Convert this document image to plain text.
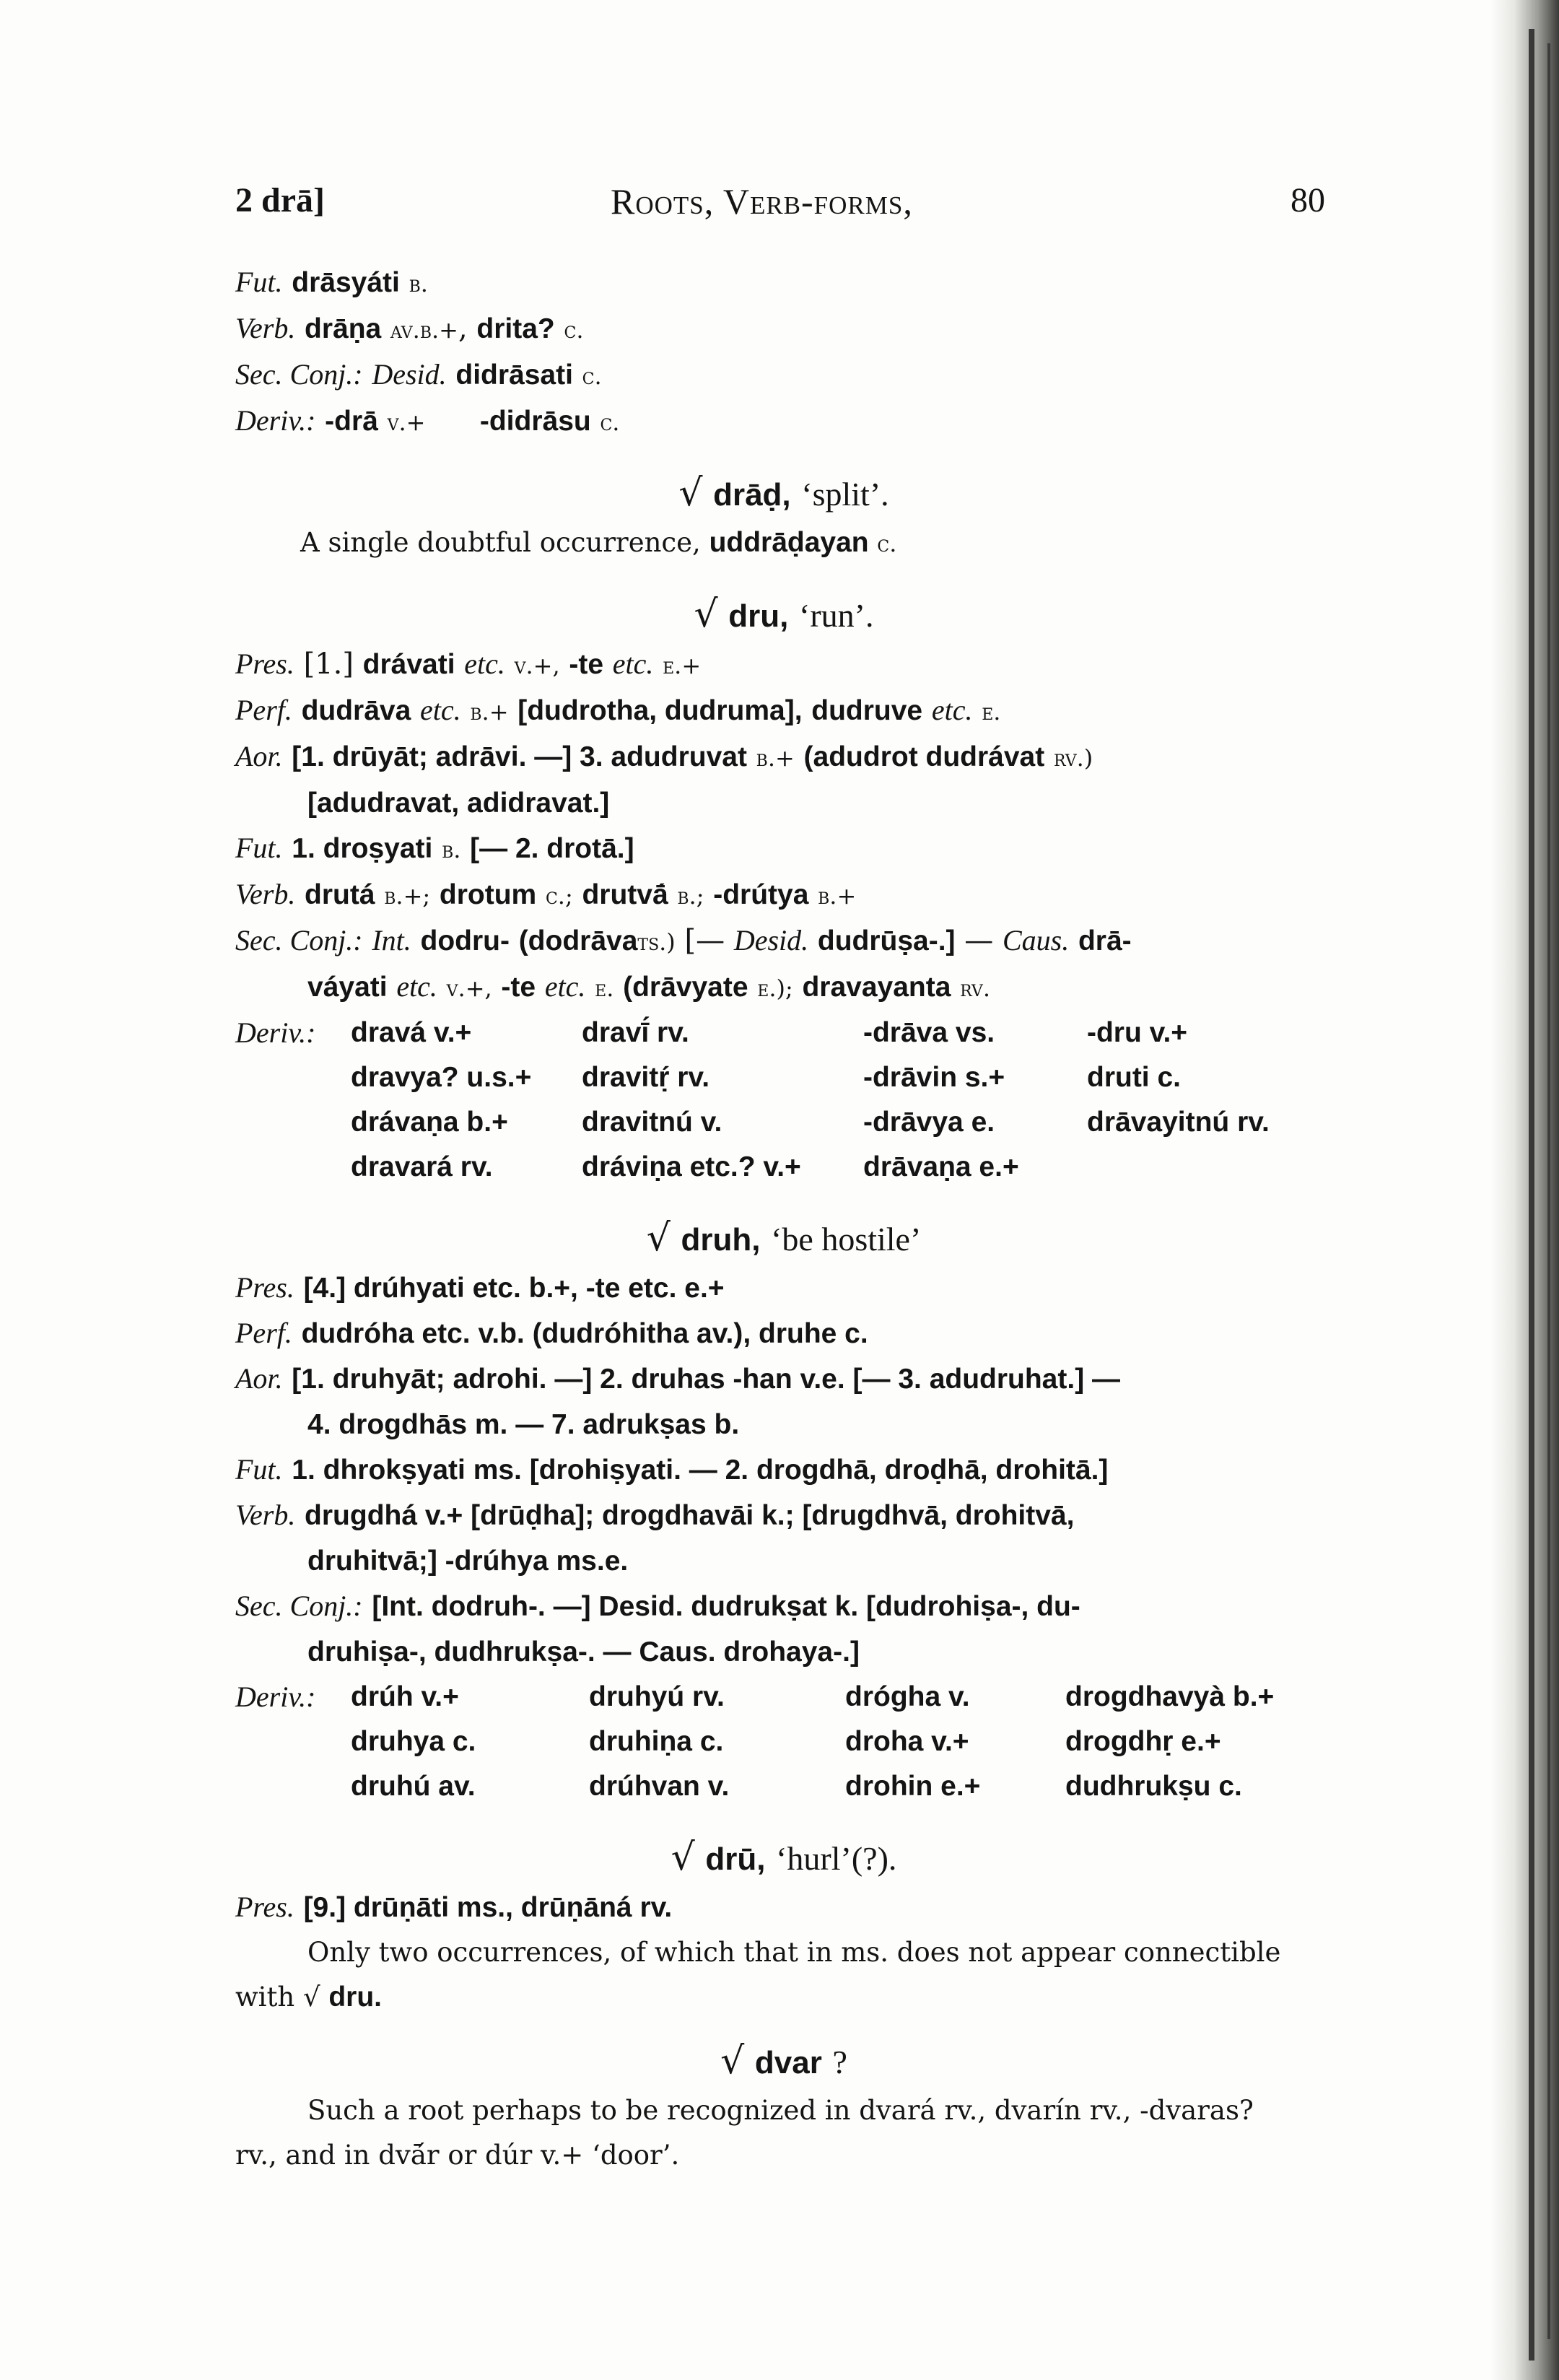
2 drā]	Roots, Verb-forms,	80
Fut. drāsyáti b.
Verb. drāṇa av.b.+, drita? c.
Sec. Conj.: Desid. didrāsati c.
Deriv.: -drā v.+ -didrāsu c.
√ drāḍ, ‘split’.
A single doubtful occurrence, uddrāḍayan c.
√ dru, ‘run’.
Pres. [1.] drávati etc. v.+, -te etc. e.+
Perf. dudrāva etc. b.+ [dudrotha, dudruma], dudruve etc. e.
Aor. [1. drūyāt; adrāvi. —] 3. adudruvat b.+ (adudrot dudrávat rv.)
[adudravat, adidravat.]
Fut. 1. droṣyati b. [— 2. drotā.]
Verb. drutá b.+; drotum c.; drutvā́ b.; -drútya b.+
Sec. Conj.: Int. dodru- (dodrāvats.) [— Desid. dudrūṣa-.] — Caus. drā-
váyati etc. v.+, -te etc. e. (drāvyate e.); dravayanta rv.
Deriv.:	dravá v.+	dravī́ rv.	-drāva vs.	-dru v.+
dravya? u.s.+	dravitṛ́ rv.	-drāvin s.+	druti c.
drávaṇa b.+	dravitnú v.	-drāvya e.	drāvayitnú rv.
dravará rv.	dráviṇa etc.? v.+	drāvaṇa e.+
√ druh, ‘be hostile’
Pres. [4.] drúhyati etc. b.+, -te etc. e.+
Perf. dudróha etc. v.b. (dudróhitha av.), druhe c.
Aor. [1. druhyāt; adrohi. —] 2. druhas -han v.e. [— 3. adudruhat.] —
4. drogdhās m. — 7. adrukṣas b.
Fut. 1. dhrokṣyati ms. [drohiṣyati. — 2. drogdhā, droḍhā, drohitā.]
Verb. drugdhá v.+ [drūḍha]; drogdhavāi k.; [drugdhvā, drohitvā,
druhitvā;] -drúhya ms.e.
Sec. Conj.: [Int. dodruh-. —] Desid. dudrukṣat k. [dudrohiṣa-, du-
druhiṣa-, dudhrukṣa-. — Caus. drohaya-.]
Deriv.:	drúh v.+	druhyú rv.	drógha v.	drogdhavyà b.+
druhya c.	druhiṇa c.	droha v.+	drogdhṛ e.+
druhú av.	drúhvan v.	drohin e.+	dudhrukṣu c.
√ drū, ‘hurl’(?).
Pres. [9.] drūṇāti ms., drūṇāná rv.
Only two occurrences, of which that in ms. does not appear connectible
with √ dru.
√ dvar ?
Such a root perhaps to be recognized in dvará rv., dvarín rv., -dvaras?
rv., and in dvā́r or dúr v.+ ‘door’.
